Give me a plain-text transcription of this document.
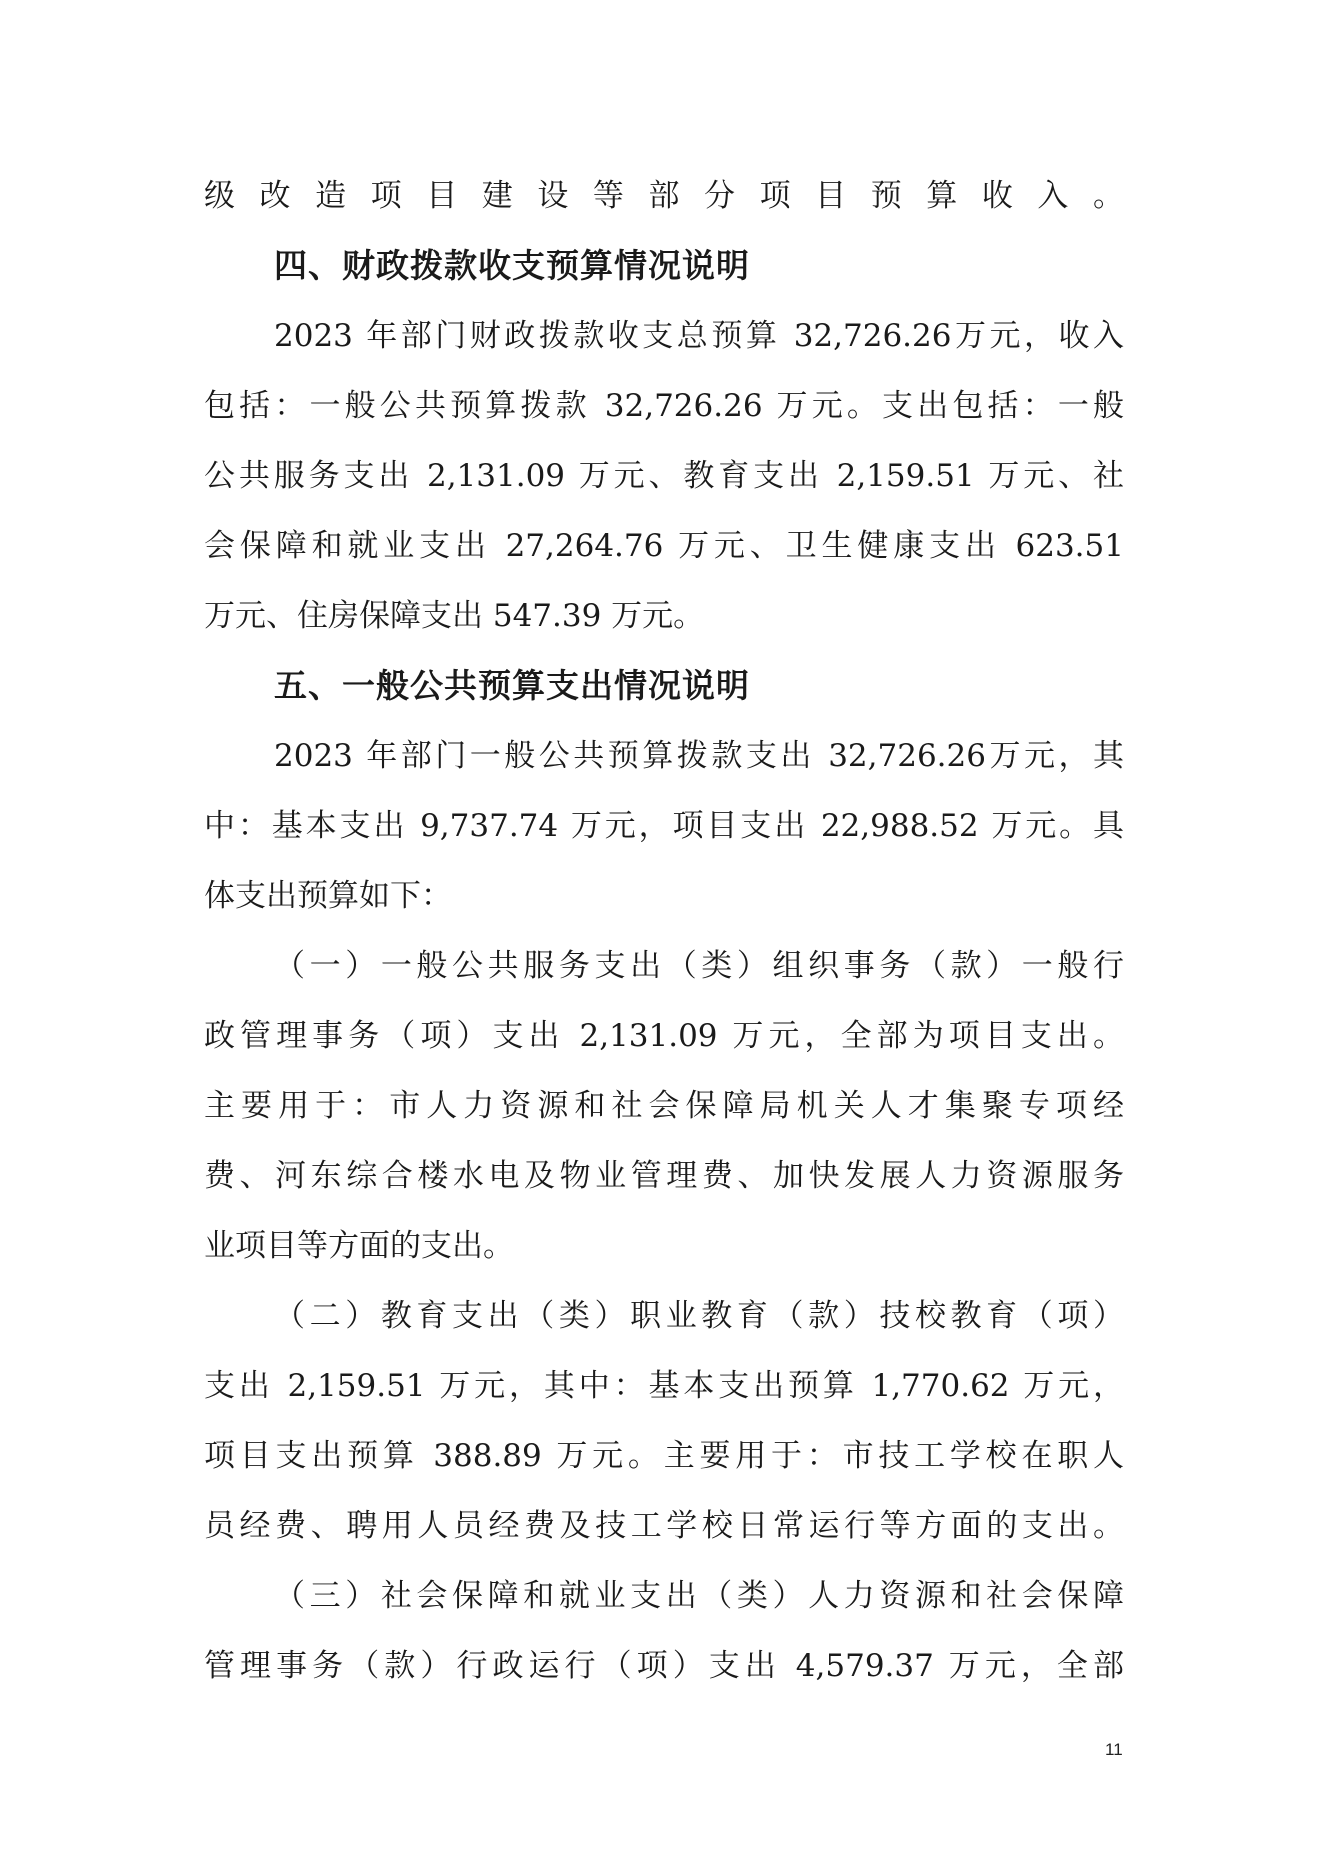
级改造项目建设等部分项目预算收入。
四、财政拨款收支预算情况说明
2023 年部门财政拨款收支总预算 32,726.26万元，收入
包括：一般公共预算拨款 32,726.26 万元。支出包括：一般
公共服务支出 2,131.09 万元、教育支出 2,159.51 万元、社
会保障和就业支出 27,264.76 万元、卫生健康支出 623.51
万元、住房保障支出 547.39 万元。
五、一般公共预算支出情况说明
2023 年部门一般公共预算拨款支出 32,726.26万元，其
中：基本支出 9,737.74 万元，项目支出 22,988.52 万元。具
体支出预算如下：
（一）一般公共服务支出（类）组织事务（款）一般行
政管理事务（项）支出 2,131.09 万元，全部为项目支出。
主要用于：市人力资源和社会保障局机关人才集聚专项经
费、河东综合楼水电及物业管理费、加快发展人力资源服务
业项目等方面的支出。
（二）教育支出（类）职业教育（款）技校教育（项）
支出 2,159.51 万元，其中：基本支出预算 1,770.62 万元，
项目支出预算 388.89 万元。主要用于：市技工学校在职人
员经费、聘用人员经费及技工学校日常运行等方面的支出。
（三）社会保障和就业支出（类）人力资源和社会保障
管理事务（款）行政运行（项）支出 4,579.37 万元，全部
11
